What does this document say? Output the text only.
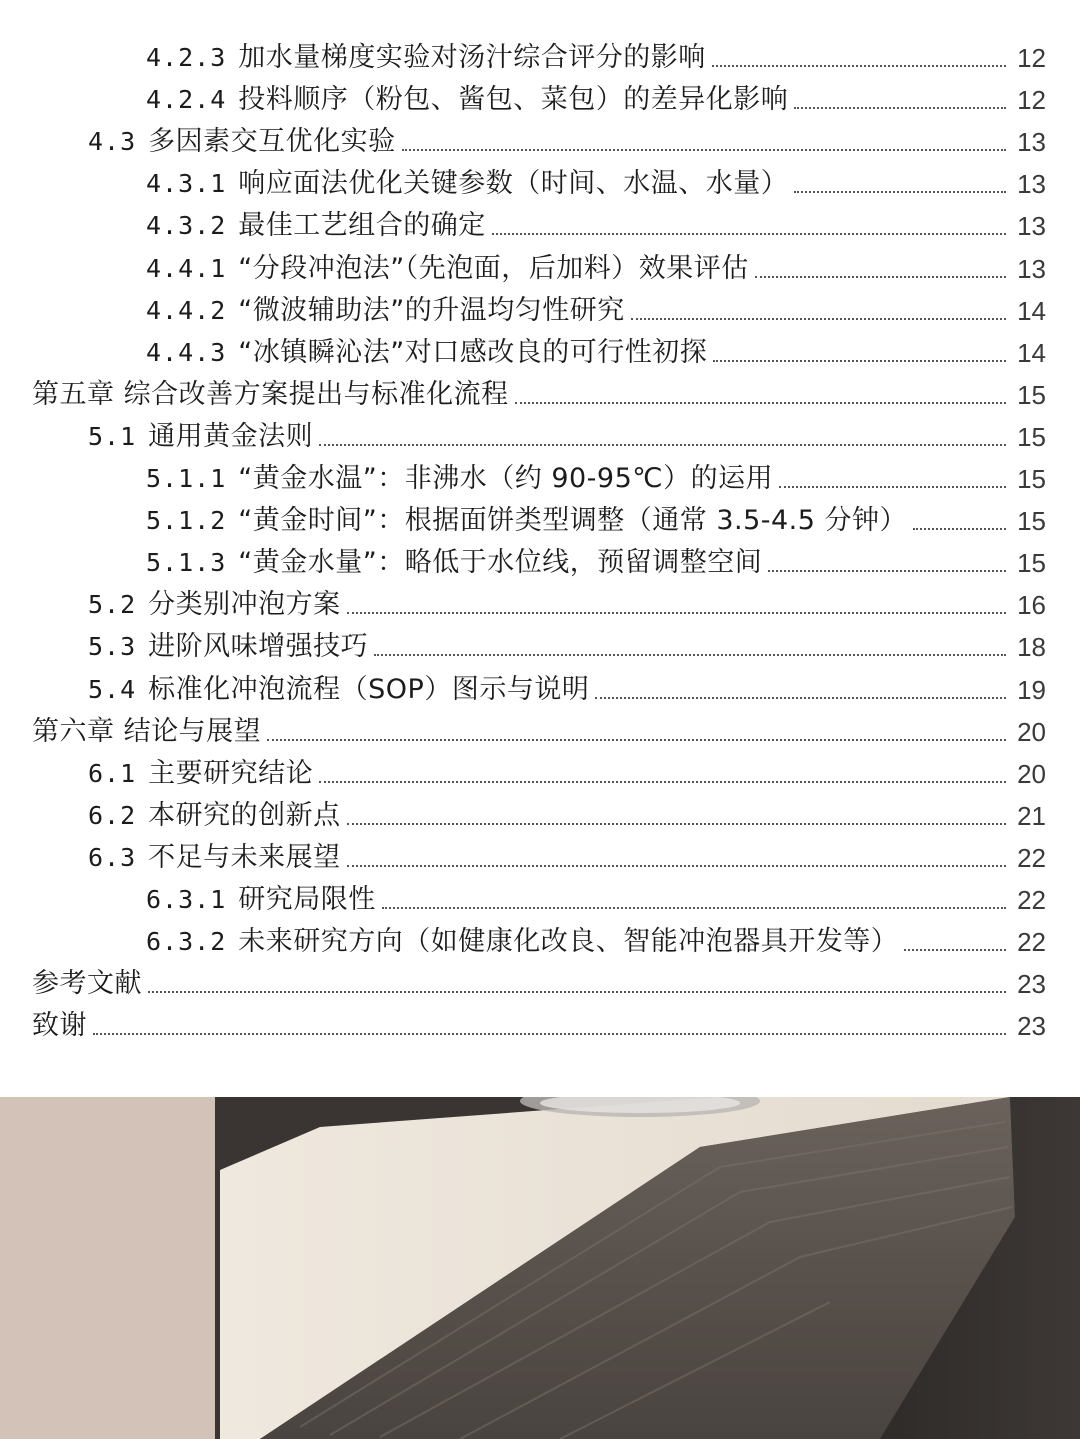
4.2.3 加水量梯度实验对汤汁综合评分的影响	12
4.2.4 投料顺序（粉包、酱包、菜包）的差异化影响	12
4.3 多因素交互优化实验	13
4.3.1 响应面法优化关键参数（时间、水温、水量）	13
4.3.2 最佳工艺组合的确定	13
4.4.1 “分段冲泡法”（先泡面，后加料）效果评估	13
4.4.2 “微波辅助法”的升温均匀性研究	14
4.4.3 “冰镇瞬沁法”对口感改良的可行性初探	14
第五章 综合改善方案提出与标准化流程	15
5.1 通用黄金法则	15
5.1.1 “黄金水温”：非沸水（约 90-95℃）的运用	15
5.1.2 “黄金时间”：根据面饼类型调整（通常 3.5-4.5 分钟）	15
5.1.3 “黄金水量”：略低于水位线，预留调整空间	15
5.2 分类别冲泡方案	16
5.3 进阶风味增强技巧	18
5.4 标准化冲泡流程（SOP）图示与说明	19
第六章 结论与展望	20
6.1 主要研究结论	20
6.2 本研究的创新点	21
6.3 不足与未来展望	22
6.3.1 研究局限性	22
6.3.2 未来研究方向（如健康化改良、智能冲泡器具开发等）	22
参考文献	23
致谢	23
